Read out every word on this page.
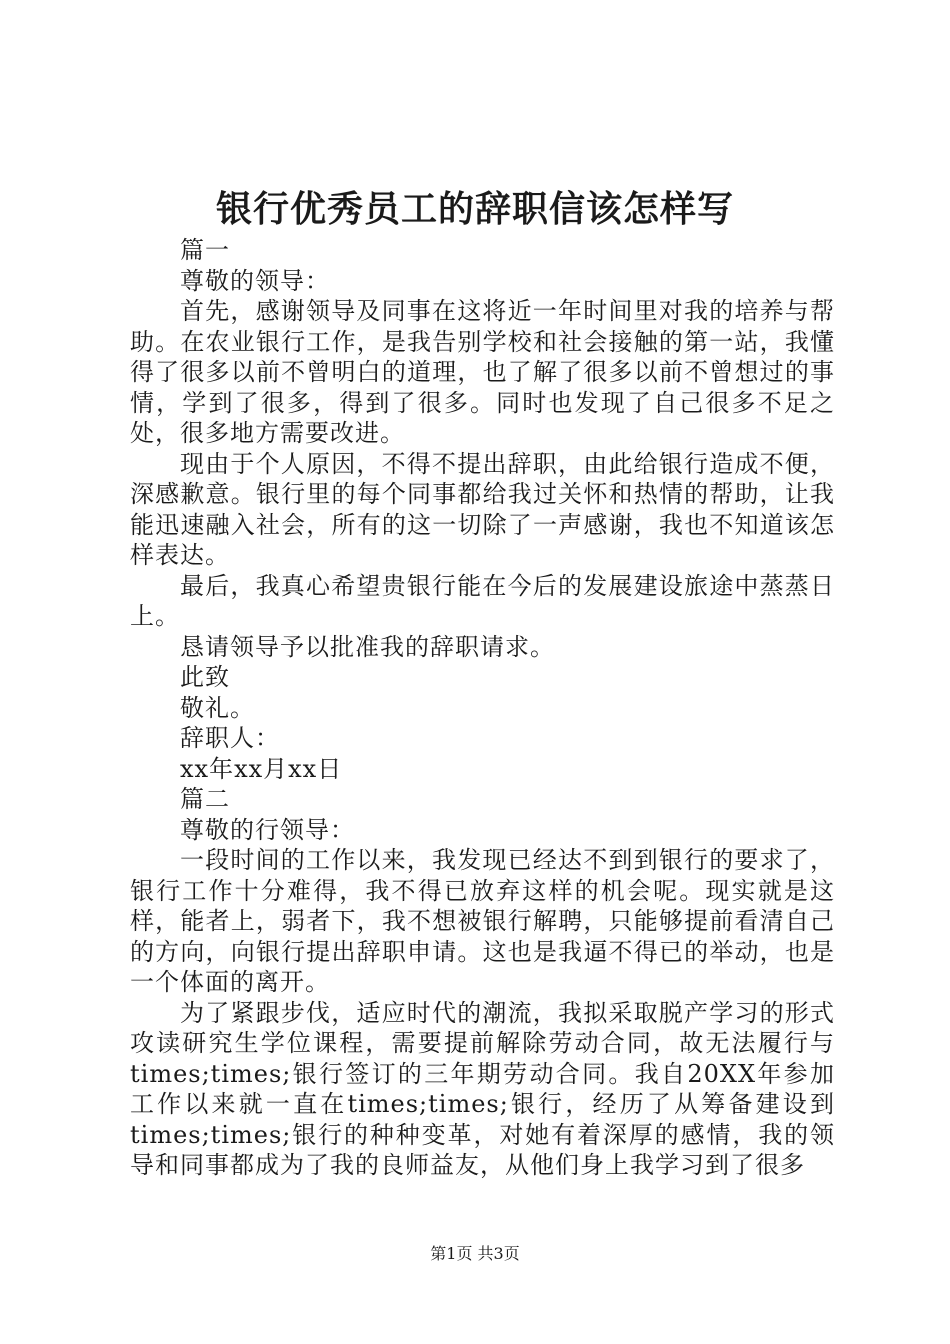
银行优秀员工的辞职信该怎样写

篇一

尊敬的领导：

首先，感谢领导及同事在这将近一年时间里对我的培养与帮助。在农业银行工作，是我告别学校和社会接触的第一站，我懂得了很多以前不曾明白的道理，也了解了很多以前不曾想过的事情，学到了很多，得到了很多。同时也发现了自己很多不足之处，很多地方需要改进。

现由于个人原因，不得不提出辞职，由此给银行造成不便，深感歉意。银行里的每个同事都给我过关怀和热情的帮助，让我能迅速融入社会，所有的这一切除了一声感谢，我也不知道该怎样表达。

最后，我真心希望贵银行能在今后的发展建设旅途中蒸蒸日上。

恳请领导予以批准我的辞职请求。

此致

敬礼。

辞职人：

xx年xx月xx日

篇二

尊敬的行领导：

一段时间的工作以来，我发现已经达不到到银行的要求了，银行工作十分难得，我不得已放弃这样的机会呢。现实就是这样，能者上，弱者下，我不想被银行解聘，只能够提前看清自己的方向，向银行提出辞职申请。这也是我逼不得已的举动，也是一个体面的离开。

为了紧跟步伐，适应时代的潮流，我拟采取脱产学习的形式攻读研究生学位课程，需要提前解除劳动合同，故无法履行与times;times;银行签订的三年期劳动合同。我自20XX年参加工作以来就一直在times;times;银行，经历了从筹备建设到times;times;银行的种种变革，对她有着深厚的感情，我的领导和同事都成为了我的良师益友，从他们身上我学习到了很多

第1页 共3页
